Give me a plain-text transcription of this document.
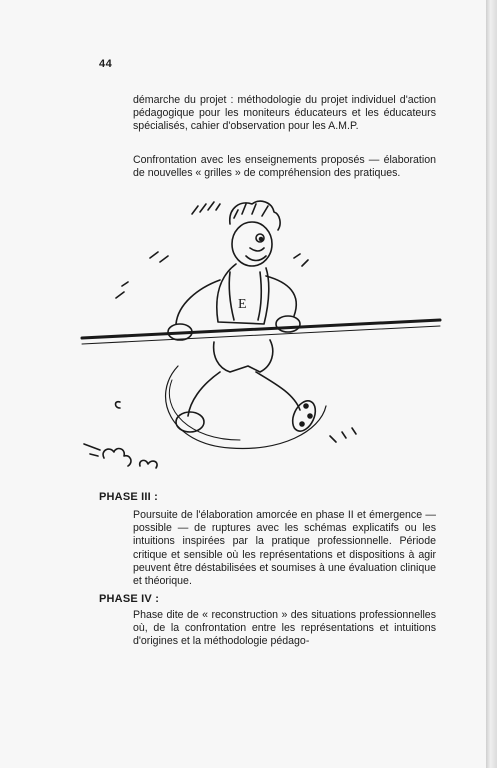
44

démarche du projet : méthodologie du projet individuel d'action pédagogique pour les moniteurs éducateurs et les éducateurs spécialisés, cahier d'observation pour les A.M.P.

Confrontation avec les enseignements proposés — élaboration de nouvelles « grilles » de compréhension des pratiques.

E
PHASE III :

Poursuite de l'élaboration amorcée en phase II et émergence — possible — de ruptures avec les schémas explicatifs ou les intuitions inspirées par la pratique professionnelle. Période critique et sensible où les représentations et dispositions à agir peuvent être déstabilisées et soumises à une évaluation clinique et théorique.

PHASE IV :

Phase dite de « reconstruction » des situations professionnelles où, de la confrontation entre les représentations et intuitions d'origines et la méthodologie pédago-
